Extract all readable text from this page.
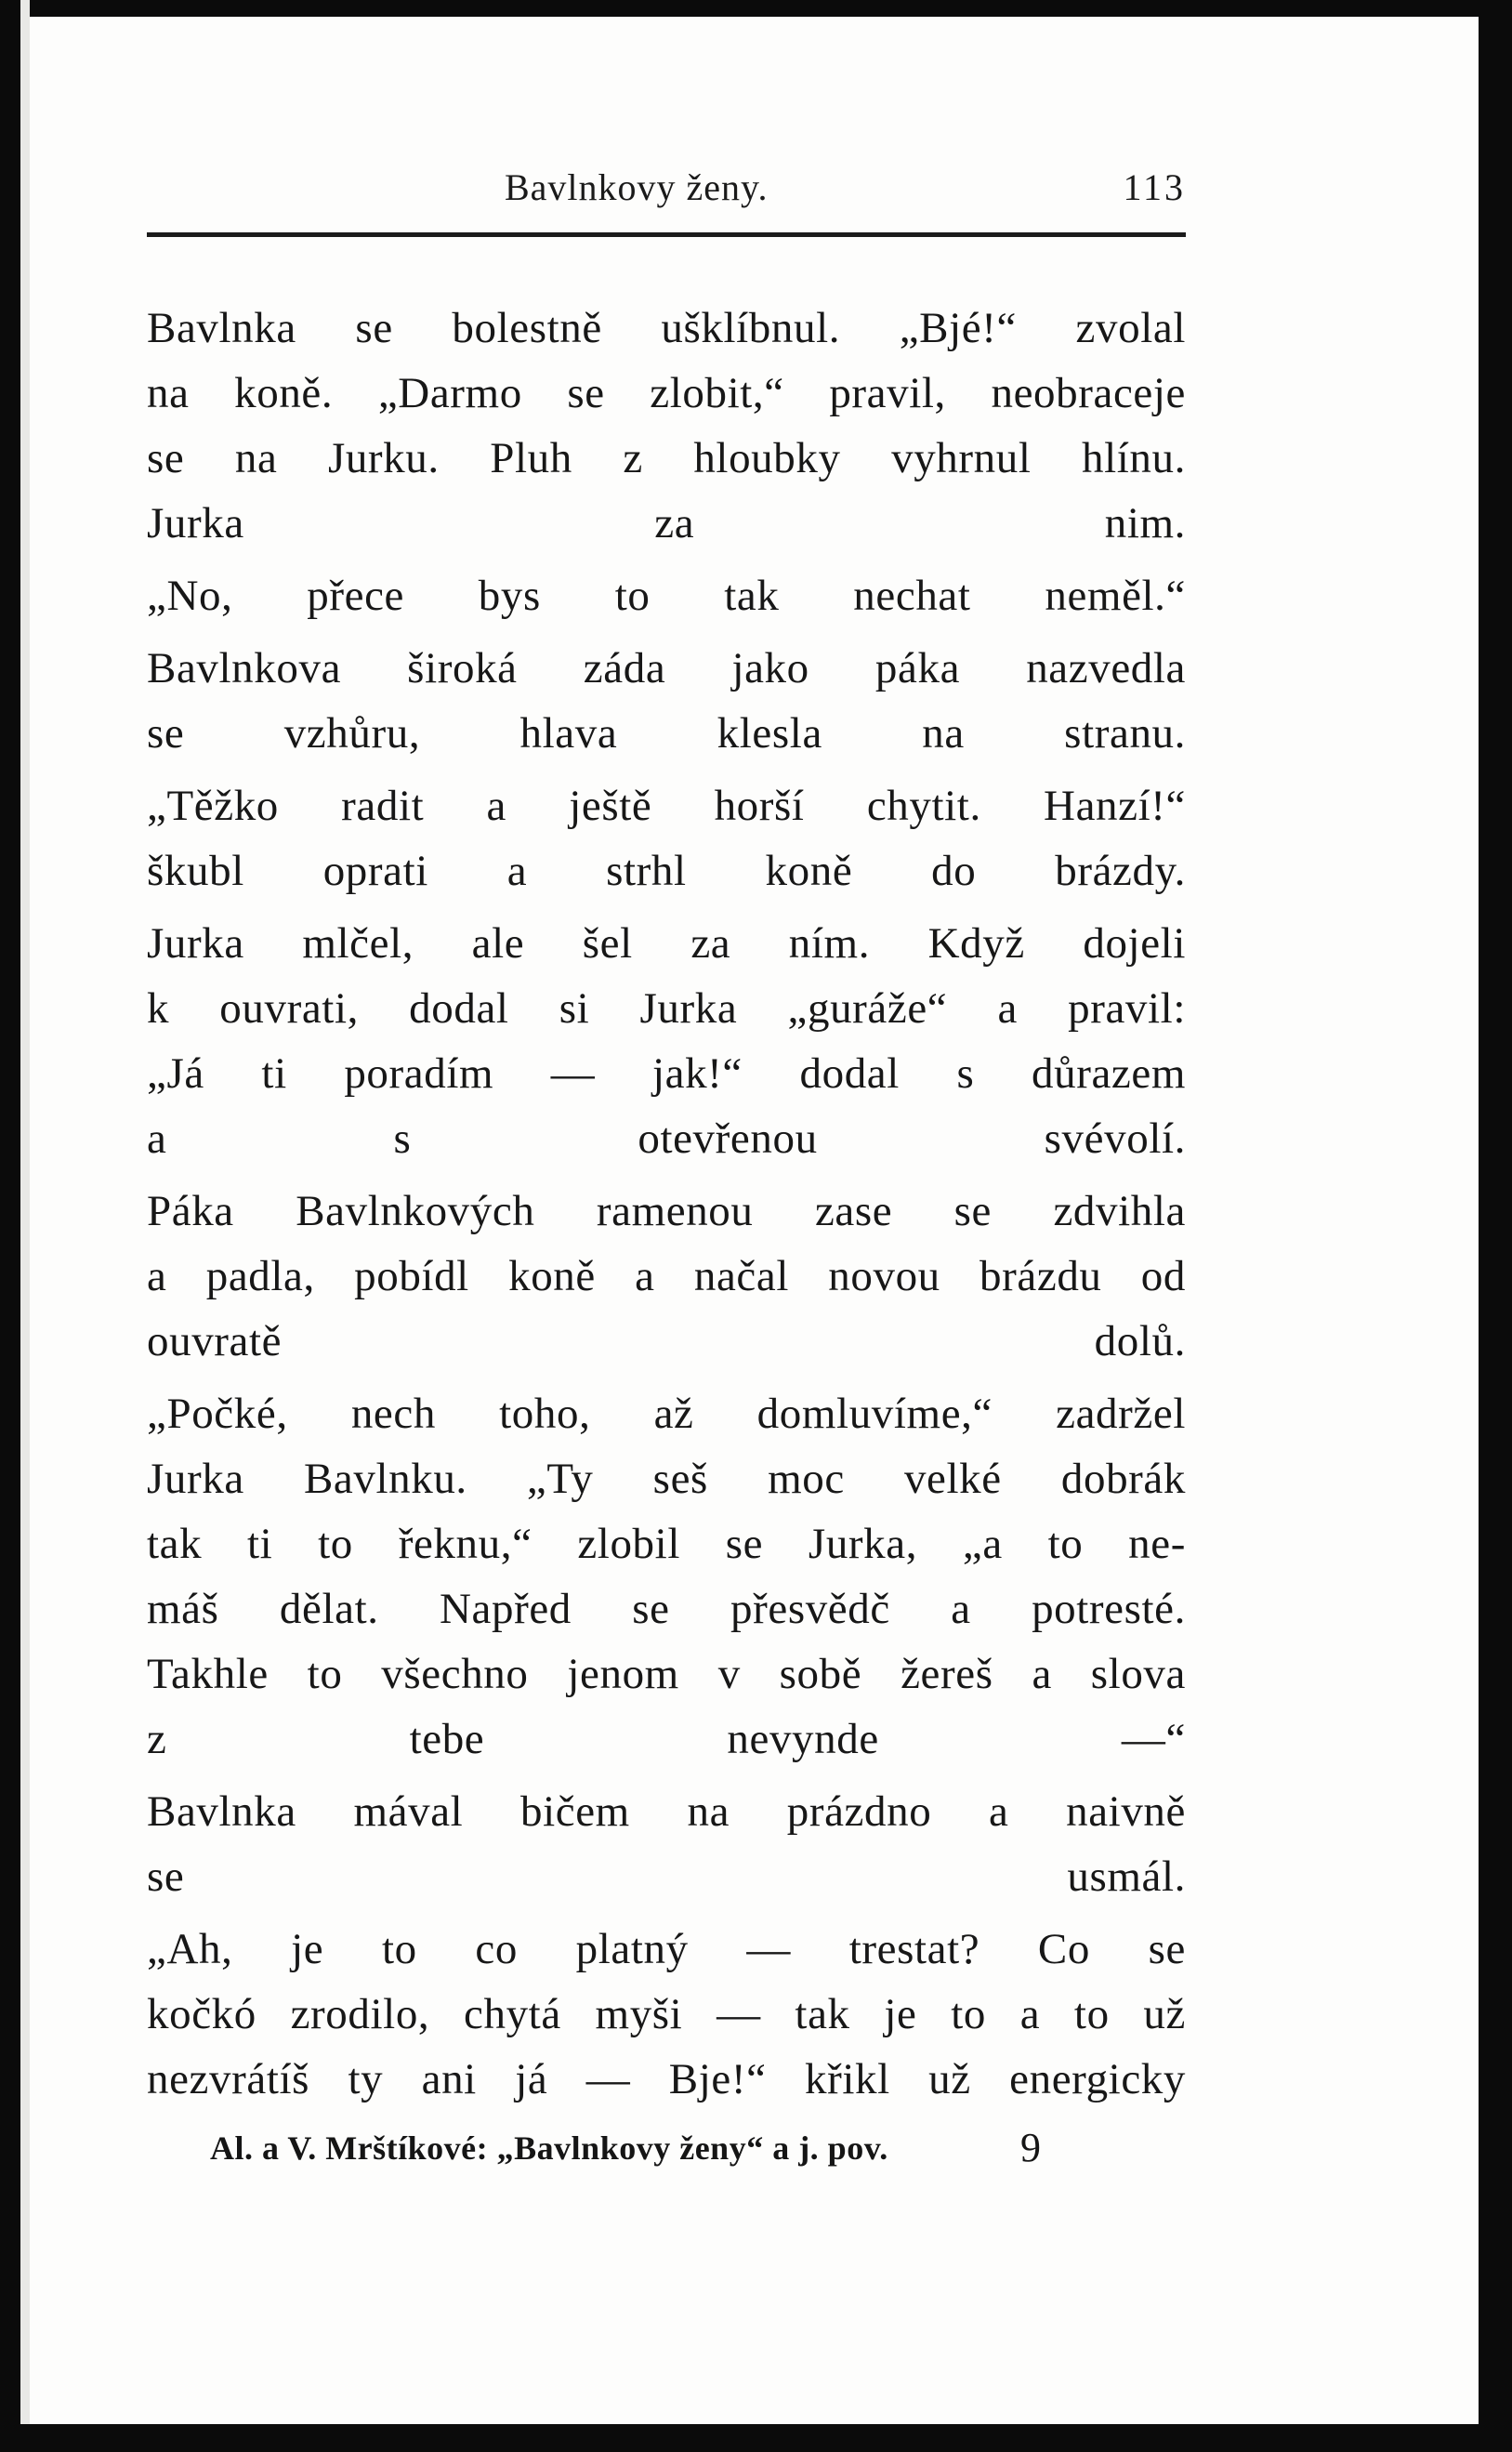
Bavlnkovy ženy.	113

Bavlnka se bolestně ušklíbnul. „Bjé!“ zvolal
na koně. „Darmo se zlobit,“ pravil, neobraceje
se na Jurku. Pluh z hloubky vyhrnul hlínu.
Jurka za nim.

„No, přece bys to tak nechat neměl.“

Bavlnkova široká záda jako páka nazvedla
se vzhůru, hlava klesla na stranu.

„Těžko radit a ještě horší chytit. Hanzí!“
škubl oprati a strhl koně do brázdy.

Jurka mlčel, ale šel za ním. Když dojeli
k ouvrati, dodal si Jurka „guráže“ a pravil:
„Já ti poradím — jak!“ dodal s důrazem
a s otevřenou svévolí.

Páka Bavlnkových ramenou zase se zdvihla
a padla, pobídl koně a načal novou brázdu od
ouvratě dolů.

„Počké, nech toho, až domluvíme,“ zadržel
Jurka Bavlnku. „Ty seš moc velké dobrák
tak ti to řeknu,“ zlobil se Jurka, „a to ne-
máš dělat. Napřed se přesvědč a potresté.
Takhle to všechno jenom v sobě žereš a slova
z tebe nevynde —“

Bavlnka mával bičem na prázdno a naivně
se usmál.

„Ah, je to co platný — trestat? Co se
kočkó zrodilo, chytá myši — tak je to a to už
nezvrátíš ty ani já — Bje!“ křikl už energicky

Al. a V. Mrštíkové: „Bavlnkovy ženy“ a j. pov.	9
